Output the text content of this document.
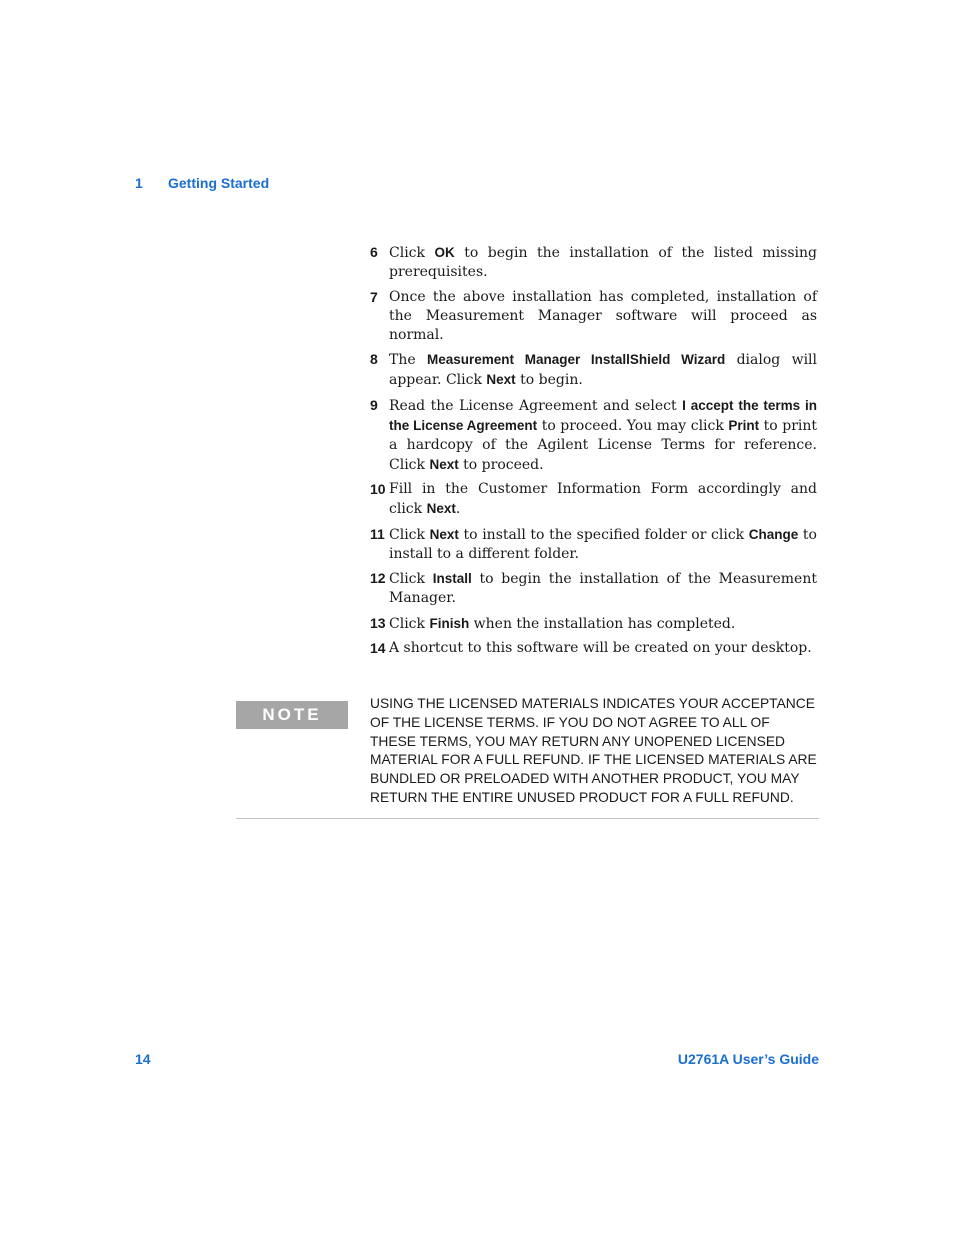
1 Getting Started
6 Click OK to begin the installation of the listed missing prerequisites.
7 Once the above installation has completed, installation of the Measurement Manager software will proceed as normal.
8 The Measurement Manager InstallShield Wizard dialog will appear. Click Next to begin.
9 Read the License Agreement and select I accept the terms in the License Agreement to proceed. You may click Print to print a hardcopy of the Agilent License Terms for reference. Click Next to proceed.
10 Fill in the Customer Information Form accordingly and click Next.
11 Click Next to install to the specified folder or click Change to install to a different folder.
12 Click Install to begin the installation of the Measurement Manager.
13 Click Finish when the installation has completed.
14 A shortcut to this software will be created on your desktop.
NOTE
USING THE LICENSED MATERIALS INDICATES YOUR ACCEPTANCE OF THE LICENSE TERMS. IF YOU DO NOT AGREE TO ALL OF THESE TERMS, YOU MAY RETURN ANY UNOPENED LICENSED MATERIAL FOR A FULL REFUND. IF THE LICENSED MATERIALS ARE BUNDLED OR PRELOADED WITH ANOTHER PRODUCT, YOU MAY RETURN THE ENTIRE UNUSED PRODUCT FOR A FULL REFUND.
14	U2761A User’s Guide
